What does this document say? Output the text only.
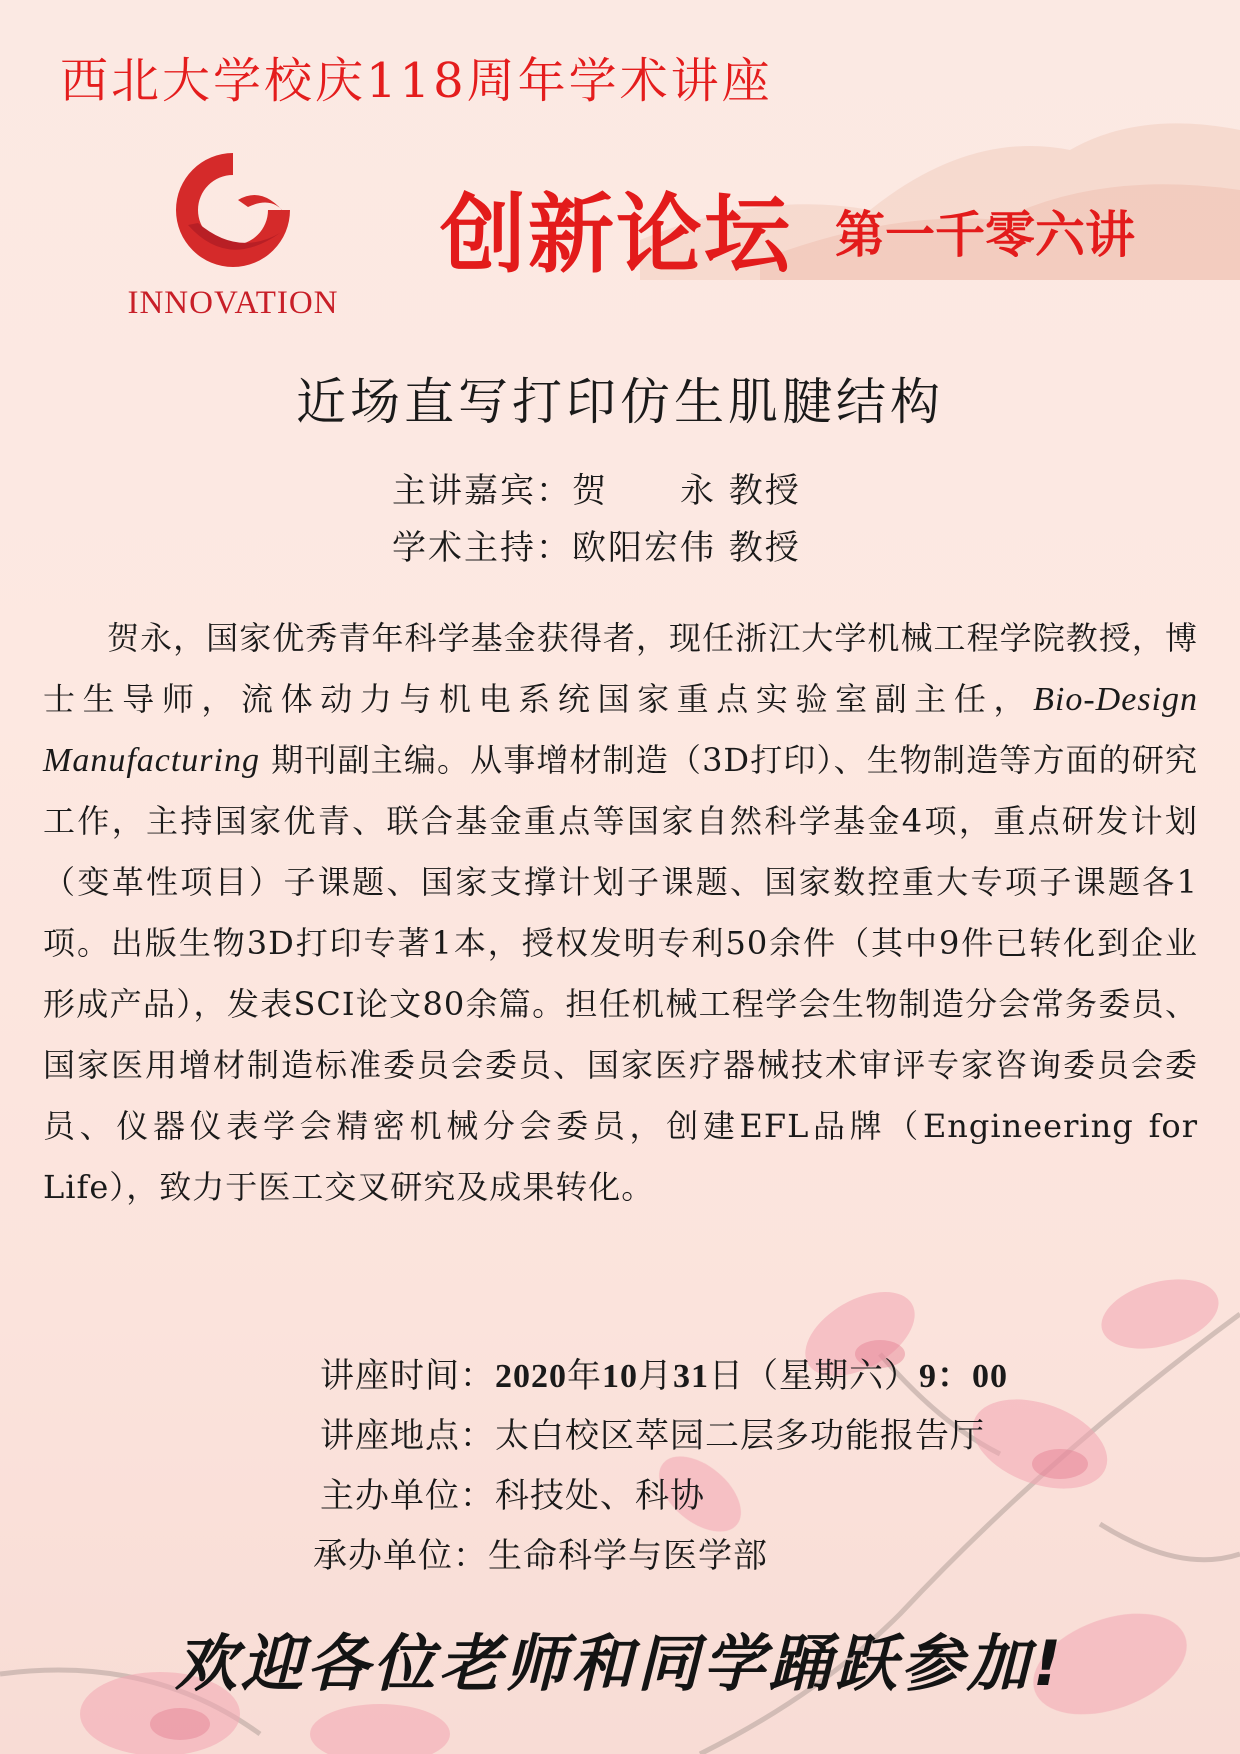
西北大学校庆118周年学术讲座
INNOVATION
创新论坛 第一千零六讲
近场直写打印仿生肌腱结构
主讲嘉宾：贺　　永 教授
学术主持：欧阳宏伟 教授
贺永，国家优秀青年科学基金获得者，现任浙江大学机械工程学院教授，博士生导师，流体动力与机电系统国家重点实验室副主任，Bio-Design Manufacturing 期刊副主编。从事增材制造（3D打印）、生物制造等方面的研究工作，主持国家优青、联合基金重点等国家自然科学基金4项，重点研发计划（变革性项目）子课题、国家支撑计划子课题、国家数控重大专项子课题各1项。出版生物3D打印专著1本，授权发明专利50余件（其中9件已转化到企业形成产品），发表SCI论文80余篇。担任机械工程学会生物制造分会常务委员、国家医用增材制造标准委员会委员、国家医疗器械技术审评专家咨询委员会委员、仪器仪表学会精密机械分会委员，创建EFL品牌（Engineering for Life），致力于医工交叉研究及成果转化。
讲座时间：2020年10月31日（星期六）9：00
讲座地点：太白校区萃园二层多功能报告厅
主办单位：科技处、科协
承办单位：生命科学与医学部
欢迎各位老师和同学踊跃参加!
